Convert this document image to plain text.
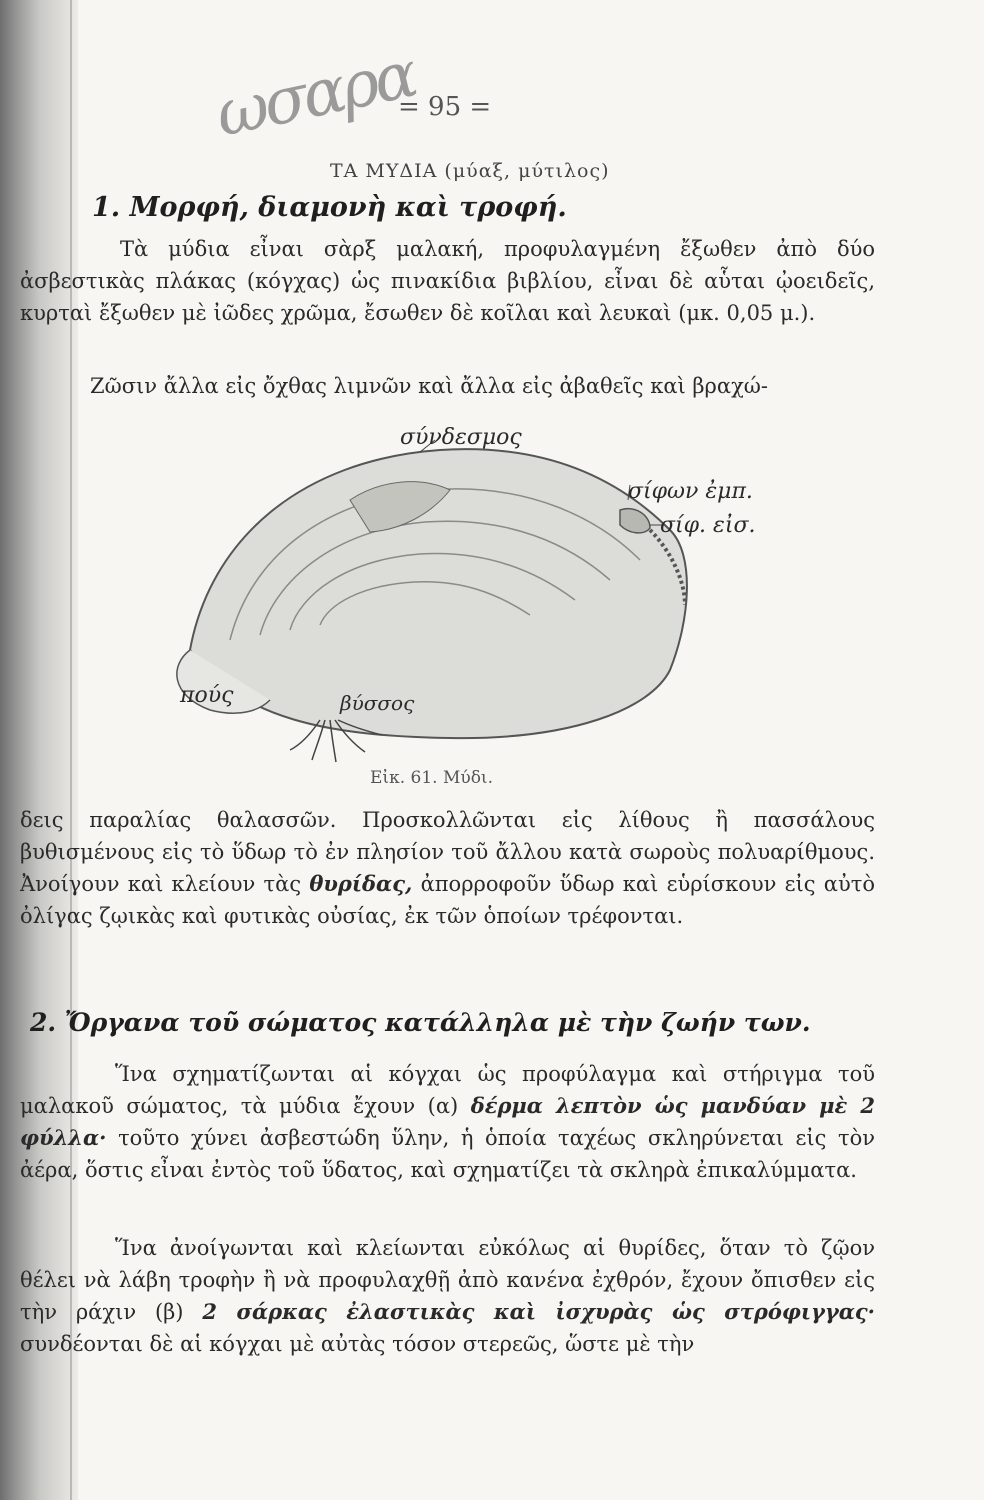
ωσαρα
= 95 =
ΤΑ ΜΥΔΙΑ (μύαξ, μύτιλος)
1. Μορφή, διαμονὴ καὶ τροφή.
Τὰ μύδια εἶναι σὰρξ μαλακή, προφυλαγμένη ἔξωθεν ἀπὸ δύο ἀσβεστικὰς πλάκας (κόγχας) ὡς πινακίδια βιβλίου, εἶναι δὲ αὗται ᾠοειδεῖς, κυρταὶ ἔξωθεν μὲ ἰῶδες χρῶμα, ἔσωθεν δὲ κοῖλαι καὶ λευκαὶ (μκ. 0,05 μ.).
Ζῶσιν ἄλλα εἰς ὄχθας λιμνῶν καὶ ἄλλα εἰς ἀβαθεῖς καὶ βραχώ-
σύνδεσμος
σίφων ἐμπ.
σίφ. εἰσ.
πούς	βύσσος
Εἰκ. 61. Μύδι.
δεις παραλίας θαλασσῶν. Προσκολλῶνται εἰς λίθους ἢ πασσάλους βυθισμένους εἰς τὸ ὕδωρ τὸ ἐν πλησίον τοῦ ἄλλου κατὰ σωροὺς πολυαρίθμους. Ἀνοίγουν καὶ κλείουν τὰς θυρίδας, ἀπορροφοῦν ὕδωρ καὶ εὑρίσκουν εἰς αὐτὸ ὀλίγας ζῳικὰς καὶ φυτικὰς οὐσίας, ἐκ τῶν ὁποίων τρέφονται.
2. Ὄργανα τοῦ σώματος κατάλληλα μὲ τὴν ζωήν των.
Ἵνα σχηματίζωνται αἱ κόγχαι ὡς προφύλαγμα καὶ στήριγμα τοῦ μαλακοῦ σώματος, τὰ μύδια ἔχουν (α) δέρμα λεπτὸν ὡς μανδύαν μὲ 2 φύλλα· τοῦτο χύνει ἀσβεστώδη ὕλην, ἡ ὁποία ταχέως σκληρύνεται εἰς τὸν ἀέρα, ὅστις εἶναι ἐντὸς τοῦ ὕδατος, καὶ σχηματίζει τὰ σκληρὰ ἐπικαλύμματα.
Ἵνα ἀνοίγωνται καὶ κλείωνται εὐκόλως αἱ θυρίδες, ὅταν τὸ ζῷον θέλει νὰ λάβη τροφὴν ἢ νὰ προφυλαχθῇ ἀπὸ κανένα ἐχθρόν, ἔχουν ὄπισθεν εἰς τὴν ράχιν (β) 2 σάρκας ἐλαστικὰς καὶ ἰσχυρὰς ὡς στρόφιγγας· συνδέονται δὲ αἱ κόγχαι μὲ αὐτὰς τόσον στερεῶς, ὥστε μὲ τὴν
